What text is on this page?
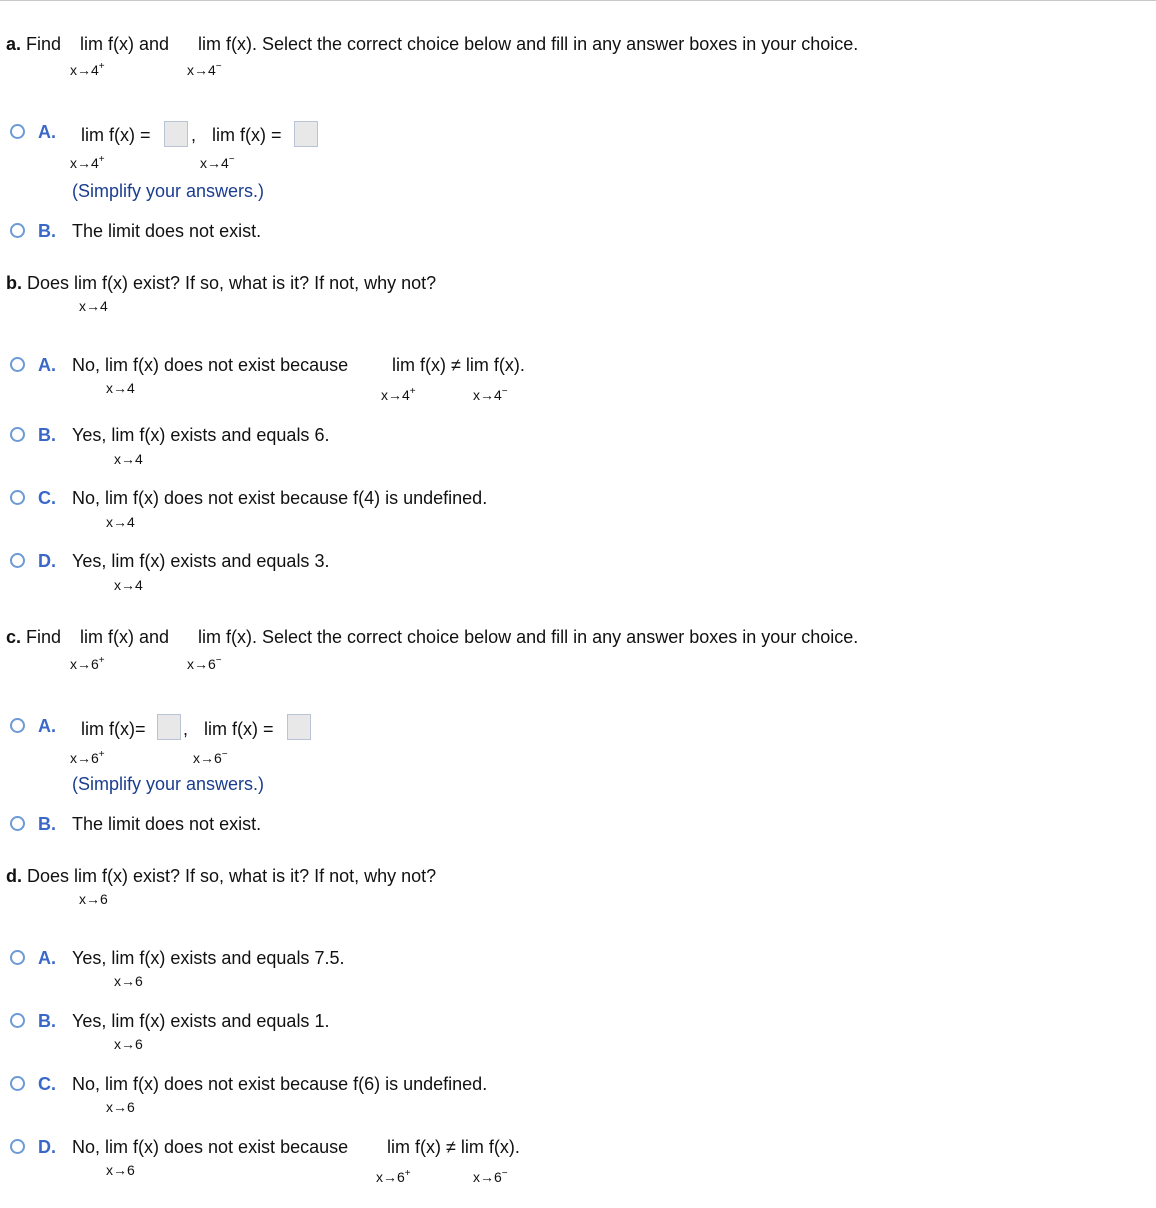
a. Find lim f(x) and lim f(x). Select the correct choice below and fill in any answer boxes in your choice.
x→4+	x→4−
A. lim f(x) = , lim f(x) =
x→4+	x→4−
(Simplify your answers.)
B. The limit does not exist.
b. Does lim f(x) exist? If so, what is it? If not, why not?
x→4
A. No, lim f(x) does not exist because lim f(x) ≠ lim f(x).
x→4	x→4+	x→4−
B. Yes, lim f(x) exists and equals 6.
x→4
C. No, lim f(x) does not exist because f(4) is undefined.
x→4
D. Yes, lim f(x) exists and equals 3.
x→4
c. Find lim f(x) and lim f(x). Select the correct choice below and fill in any answer boxes in your choice.
x→6+	x→6−
A. lim f(x)= , lim f(x) =
x→6+	x→6−
(Simplify your answers.)
B. The limit does not exist.
d. Does lim f(x) exist? If so, what is it? If not, why not?
x→6
A. Yes, lim f(x) exists and equals 7.5.
x→6
B. Yes, lim f(x) exists and equals 1.
x→6
C. No, lim f(x) does not exist because f(6) is undefined.
x→6
D. No, lim f(x) does not exist because lim f(x) ≠ lim f(x).
x→6	x→6+	x→6−
